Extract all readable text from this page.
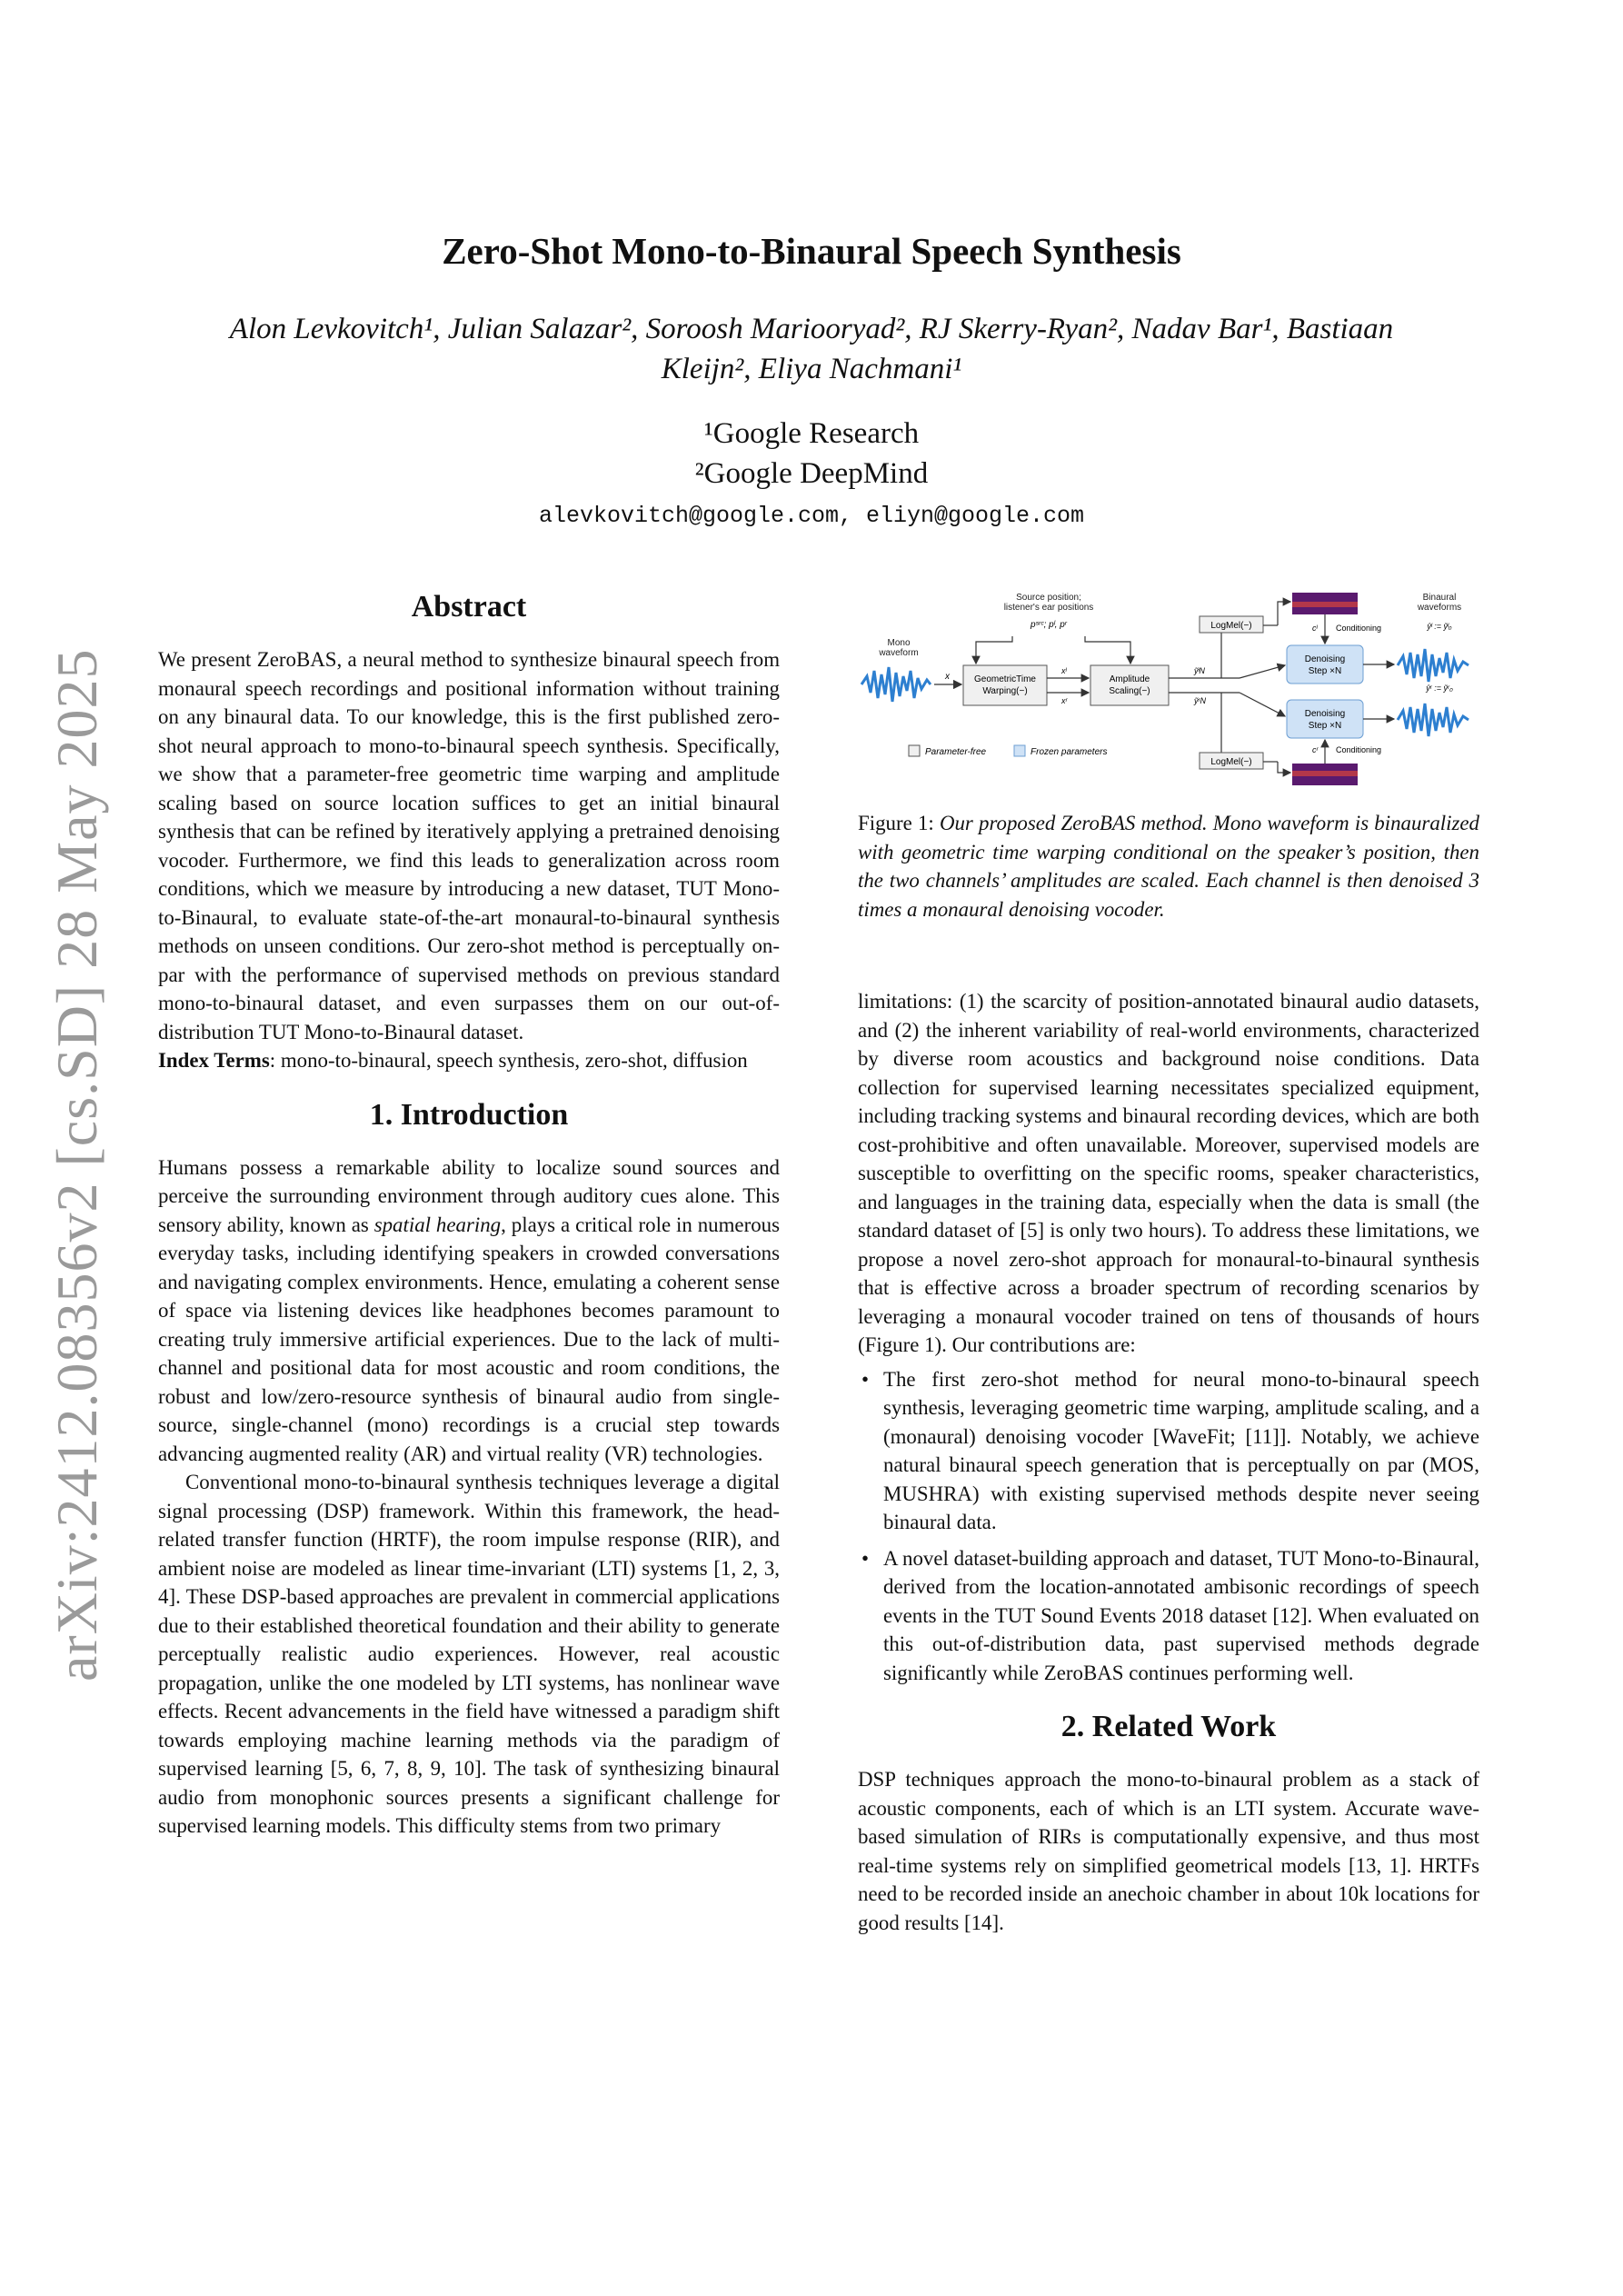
arXiv:2412.08356v2 [cs.SD] 28 May 2025
Zero-Shot Mono-to-Binaural Speech Synthesis
Alon Levkovitch¹, Julian Salazar², Soroosh Mariooryad², RJ Skerry-Ryan², Nadav Bar¹, Bastiaan
Kleijn², Eliya Nachmani¹
¹Google Research
²Google DeepMind
alevkovitch@google.com, eliyn@google.com
Abstract

We present ZeroBAS, a neural method to synthesize binaural speech from monaural speech recordings and positional information without training on any binaural data. To our knowledge, this is the first published zero-shot neural approach to mono-to-binaural speech synthesis. Specifically, we show that a parameter-free geometric time warping and amplitude scaling based on source location suffices to get an initial binaural synthesis that can be refined by iteratively applying a pretrained denoising vocoder. Furthermore, we find this leads to generalization across room conditions, which we measure by introducing a new dataset, TUT Mono-to-Binaural, to evaluate state-of-the-art monaural-to-binaural synthesis methods on unseen conditions. Our zero-shot method is perceptually on-par with the performance of supervised methods on previous standard mono-to-binaural dataset, and even surpasses them on our out-of-distribution TUT Mono-to-Binaural dataset.

Index Terms: mono-to-binaural, speech synthesis, zero-shot, diffusion

1. Introduction

Humans possess a remarkable ability to localize sound sources and perceive the surrounding environment through auditory cues alone. This sensory ability, known as spatial hearing, plays a critical role in numerous everyday tasks, including identifying speakers in crowded conversations and navigating complex environments. Hence, emulating a coherent sense of space via listening devices like headphones becomes paramount to creating truly immersive artificial experiences. Due to the lack of multi-channel and positional data for most acoustic and room conditions, the robust and low/zero-resource synthesis of binaural audio from single-source, single-channel (mono) recordings is a crucial step towards advancing augmented reality (AR) and virtual reality (VR) technologies.

Conventional mono-to-binaural synthesis techniques leverage a digital signal processing (DSP) framework. Within this framework, the head-related transfer function (HRTF), the room impulse response (RIR), and ambient noise are modeled as linear time-invariant (LTI) systems [1, 2, 3, 4]. These DSP-based approaches are prevalent in commercial applications due to their established theoretical foundation and their ability to generate perceptually realistic audio experiences. However, real acoustic propagation, unlike the one modeled by LTI systems, has nonlinear wave effects. Recent advancements in the field have witnessed a paradigm shift towards employing machine learning methods via the paradigm of supervised learning [5, 6, 7, 8, 9, 10]. The task of synthesizing binaural audio from monophonic sources presents a significant challenge for supervised learning models. This difficulty stems from two primary

Mono waveform
x
Source position; listener's ear positions
pˢʳᶜ; pˡ, pʳ
GeometricTime Warping(−)
xˡ
xʳ
Amplitude Scaling(−)
ỹˡN
ỹʳN
LogMel(−)	cˡ Conditioning
Denoising Step ×N
Denoising Step ×N
LogMel(−)
cʳ Conditioning
Binaural waveforms
ŷˡ := ỹˡ₀
ŷʳ := ỹʳ₀
Parameter-free	Frozen parameters
Figure 1: Our proposed ZeroBAS method. Mono waveform is binauralized with geometric time warping conditional on the speaker’s position, then the two channels’ amplitudes are scaled. Each channel is then denoised 3 times a monaural denoising vocoder.

limitations: (1) the scarcity of position-annotated binaural audio datasets, and (2) the inherent variability of real-world environments, characterized by diverse room acoustics and background noise conditions. Data collection for supervised learning necessitates specialized equipment, including tracking systems and binaural recording devices, which are both cost-prohibitive and often unavailable. Moreover, supervised models are susceptible to overfitting on the specific rooms, speaker characteristics, and languages in the training data, especially when the data is small (the standard dataset of [5] is only two hours). To address these limitations, we propose a novel zero-shot approach for monaural-to-binaural synthesis that is effective across a broader spectrum of recording scenarios by leveraging a monaural vocoder trained on tens of thousands of hours (Figure 1). Our contributions are:

• The first zero-shot method for neural mono-to-binaural speech synthesis, leveraging geometric time warping, amplitude scaling, and a (monaural) denoising vocoder [WaveFit; [11]]. Notably, we achieve natural binaural speech generation that is perceptually on par (MOS, MUSHRA) with existing supervised methods despite never seeing binaural data.
• A novel dataset-building approach and dataset, TUT Mono-to-Binaural, derived from the location-annotated ambisonic recordings of speech events in the TUT Sound Events 2018 dataset [12]. When evaluated on this out-of-distribution data, past supervised methods degrade significantly while ZeroBAS continues performing well.
2. Related Work

DSP techniques approach the mono-to-binaural problem as a stack of acoustic components, each of which is an LTI system. Accurate wave-based simulation of RIRs is computationally expensive, and thus most real-time systems rely on simplified geometrical models [13, 1]. HRTFs need to be recorded inside an anechoic chamber in about 10k locations for good results [14].
